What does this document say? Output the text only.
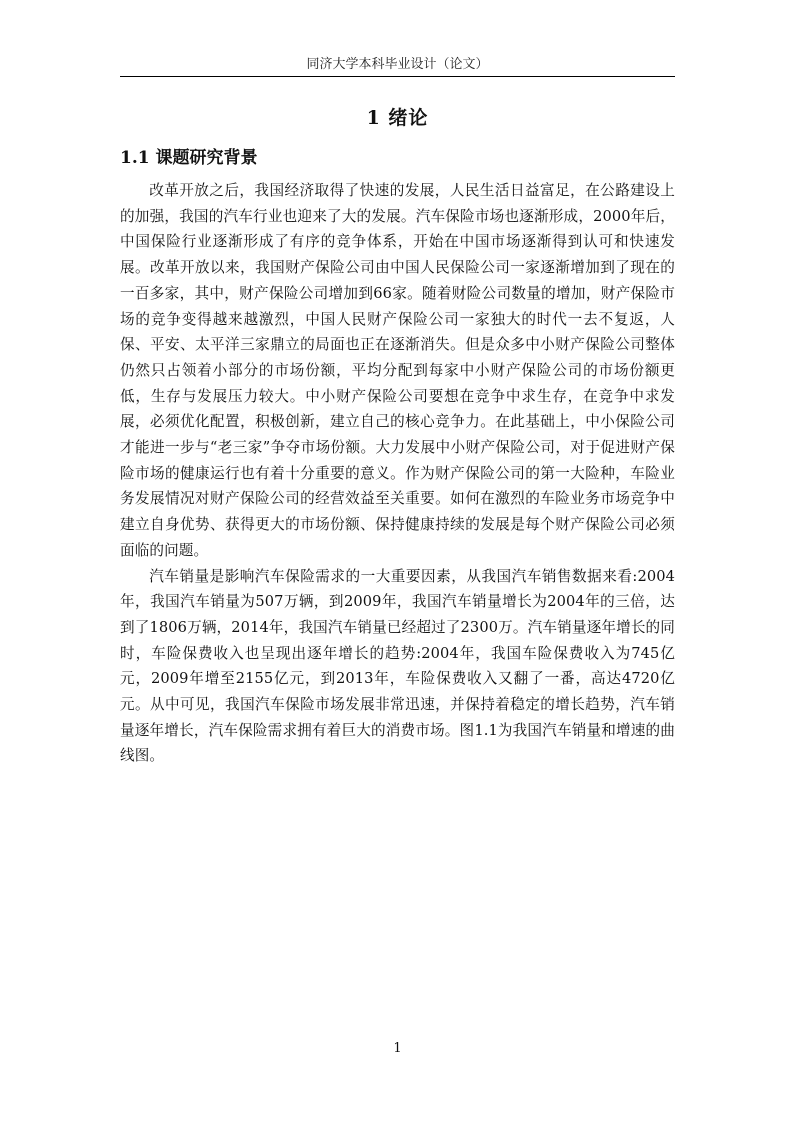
同济大学本科毕业设计（论文）
1 绪论
1.1 课题研究背景

改革开放之后，我国经济取得了快速的发展，人民生活日益富足，在公路建设上的加强，我国的汽车行业也迎来了大的发展。汽车保险市场也逐渐形成，2000年后，中国保险行业逐渐形成了有序的竞争体系，开始在中国市场逐渐得到认可和快速发展。改革开放以来，我国财产保险公司由中国人民保险公司一家逐渐增加到了现在的一百多家，其中，财产保险公司增加到66家。随着财险公司数量的增加，财产保险市场的竞争变得越来越激烈，中国人民财产保险公司一家独大的时代一去不复返，人保、平安、太平洋三家鼎立的局面也正在逐渐消失。但是众多中小财产保险公司整体仍然只占领着小部分的市场份额，平均分配到每家中小财产保险公司的市场份额更低，生存与发展压力较大。中小财产保险公司要想在竞争中求生存，在竞争中求发展，必须优化配置，积极创新，建立自己的核心竞争力。在此基础上，中小保险公司才能进一步与“老三家”争夺市场份额。大力发展中小财产保险公司，对于促进财产保险市场的健康运行也有着十分重要的意义。作为财产保险公司的第一大险种，车险业务发展情况对财产保险公司的经营效益至关重要。如何在激烈的车险业务市场竞争中建立自身优势、获得更大的市场份额、保持健康持续的发展是每个财产保险公司必须面临的问题。

汽车销量是影响汽车保险需求的一大重要因素，从我国汽车销售数据来看:2004年，我国汽车销量为507万辆，到2009年，我国汽车销量增长为2004年的三倍，达到了1806万辆，2014年，我国汽车销量已经超过了2300万。汽车销量逐年增长的同时，车险保费收入也呈现出逐年增长的趋势:2004年，我国车险保费收入为745亿元，2009年增至2155亿元，到2013年，车险保费收入又翻了一番，高达4720亿元。从中可见，我国汽车保险市场发展非常迅速，并保持着稳定的增长趋势，汽车销量逐年增长，汽车保险需求拥有着巨大的消费市场。图1.1为我国汽车销量和增速的曲线图。

1
